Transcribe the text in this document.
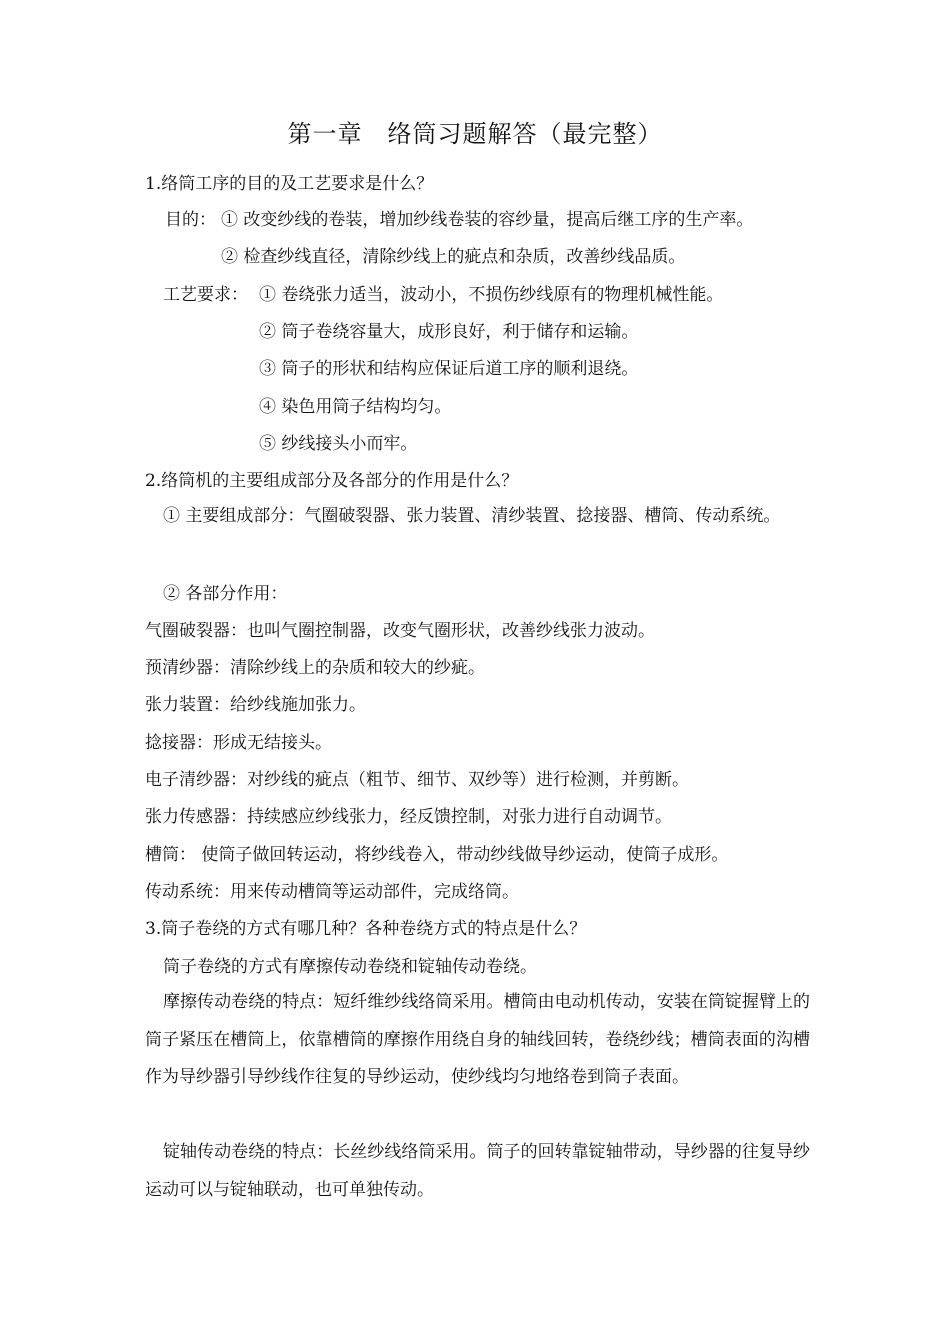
第一章　络筒习题解答（最完整）
1.络筒工序的目的及工艺要求是什么？
目的： ① 改变纱线的卷装，增加纱线卷装的容纱量，提高后继工序的生产率。
② 检查纱线直径，清除纱线上的疵点和杂质，改善纱线品质。
工艺要求： ① 卷绕张力适当，波动小，不损伤纱线原有的物理机械性能。
② 筒子卷绕容量大，成形良好，利于储存和运输。
③ 筒子的形状和结构应保证后道工序的顺利退绕。
④ 染色用筒子结构均匀。
⑤ 纱线接头小而牢。
2.络筒机的主要组成部分及各部分的作用是什么？
① 主要组成部分：气圈破裂器、张力装置、清纱装置、捻接器、槽筒、传动系统。
② 各部分作用：
气圈破裂器：也叫气圈控制器，改变气圈形状，改善纱线张力波动。
预清纱器：清除纱线上的杂质和较大的纱疵。
张力装置：给纱线施加张力。
捻接器：形成无结接头。
电子清纱器：对纱线的疵点（粗节、细节、双纱等）进行检测，并剪断。
张力传感器：持续感应纱线张力，经反馈控制，对张力进行自动调节。
槽筒： 使筒子做回转运动，将纱线卷入，带动纱线做导纱运动，使筒子成形。
传动系统：用来传动槽筒等运动部件，完成络筒。
3.筒子卷绕的方式有哪几种？各种卷绕方式的特点是什么？
筒子卷绕的方式有摩擦传动卷绕和锭轴传动卷绕。
摩擦传动卷绕的特点：短纤维纱线络筒采用。槽筒由电动机传动，安装在筒锭握臂上的筒子紧压在槽筒上，依靠槽筒的摩擦作用绕自身的轴线回转，卷绕纱线；槽筒表面的沟槽作为导纱器引导纱线作往复的导纱运动，使纱线均匀地络卷到筒子表面。
锭轴传动卷绕的特点：长丝纱线络筒采用。筒子的回转靠锭轴带动，导纱器的往复导纱运动可以与锭轴联动，也可单独传动。
